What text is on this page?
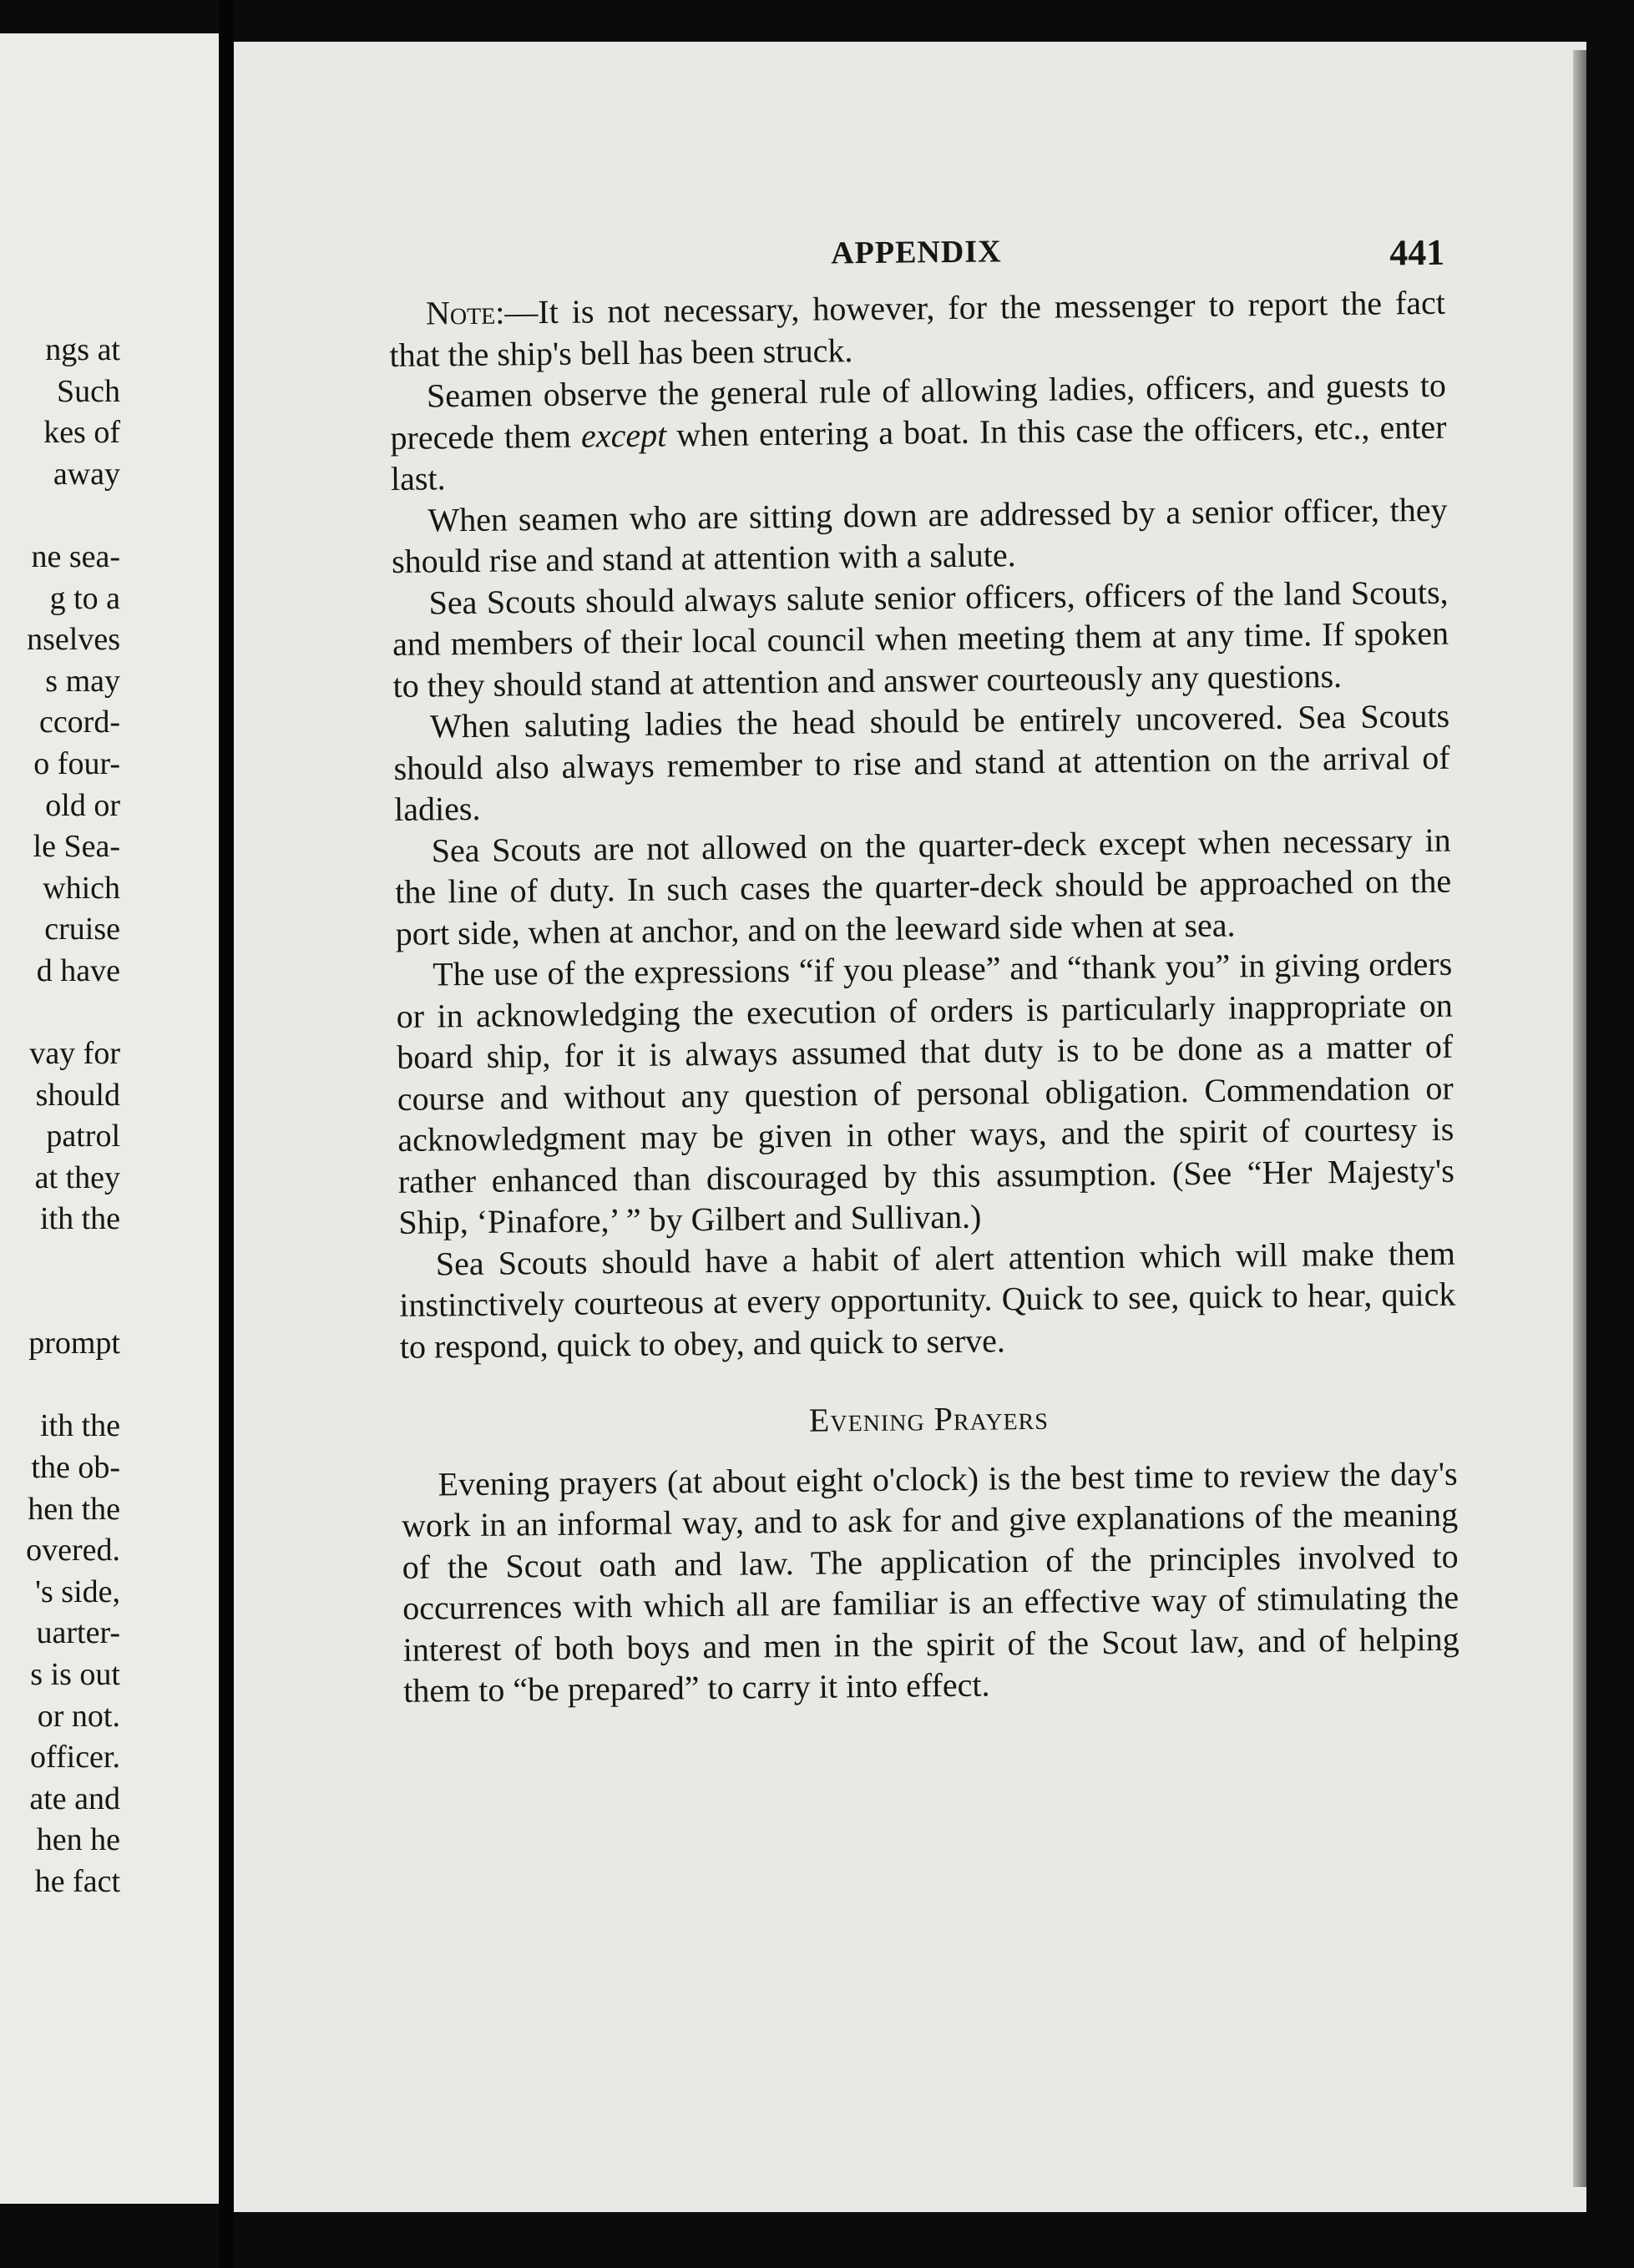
ngs at
Such
kes of
away

ne sea-
g to a
nselves
s may
ccord-
o four-
old or
le Sea-
which
cruise
d have

vay for
should
patrol
at they
ith the

prompt

ith the
the ob-
hen the
overed.
's side,
uarter-
s is out
or not.
officer.
ate and
hen he
he fact
APPENDIX	441

Note:—It is not necessary, however, for the messenger to report the fact that the ship's bell has been struck.

Seamen observe the general rule of allowing ladies, officers, and guests to precede them except when entering a boat. In this case the officers, etc., enter last.

When seamen who are sitting down are addressed by a senior officer, they should rise and stand at attention with a salute.

Sea Scouts should always salute senior officers, officers of the land Scouts, and members of their local council when meeting them at any time. If spoken to they should stand at attention and answer courteously any questions.

When saluting ladies the head should be entirely uncovered. Sea Scouts should also always remember to rise and stand at attention on the arrival of ladies.

Sea Scouts are not allowed on the quarter-deck except when necessary in the line of duty. In such cases the quarter-deck should be approached on the port side, when at anchor, and on the leeward side when at sea.

The use of the expressions “if you please” and “thank you” in giving orders or in acknowledging the execution of orders is particularly inappropriate on board ship, for it is always assumed that duty is to be done as a matter of course and without any question of personal obligation. Commendation or acknowledgment may be given in other ways, and the spirit of courtesy is rather enhanced than discouraged by this assumption. (See “Her Majesty's Ship, ‘Pinafore,’ ” by Gilbert and Sullivan.)

Sea Scouts should have a habit of alert attention which will make them instinctively courteous at every opportunity. Quick to see, quick to hear, quick to respond, quick to obey, and quick to serve.

Evening Prayers

Evening prayers (at about eight o'clock) is the best time to review the day's work in an informal way, and to ask for and give explanations of the meaning of the Scout oath and law. The application of the principles involved to occurrences with which all are familiar is an effective way of stimulating the interest of both boys and men in the spirit of the Scout law, and of helping them to “be prepared” to carry it into effect.
